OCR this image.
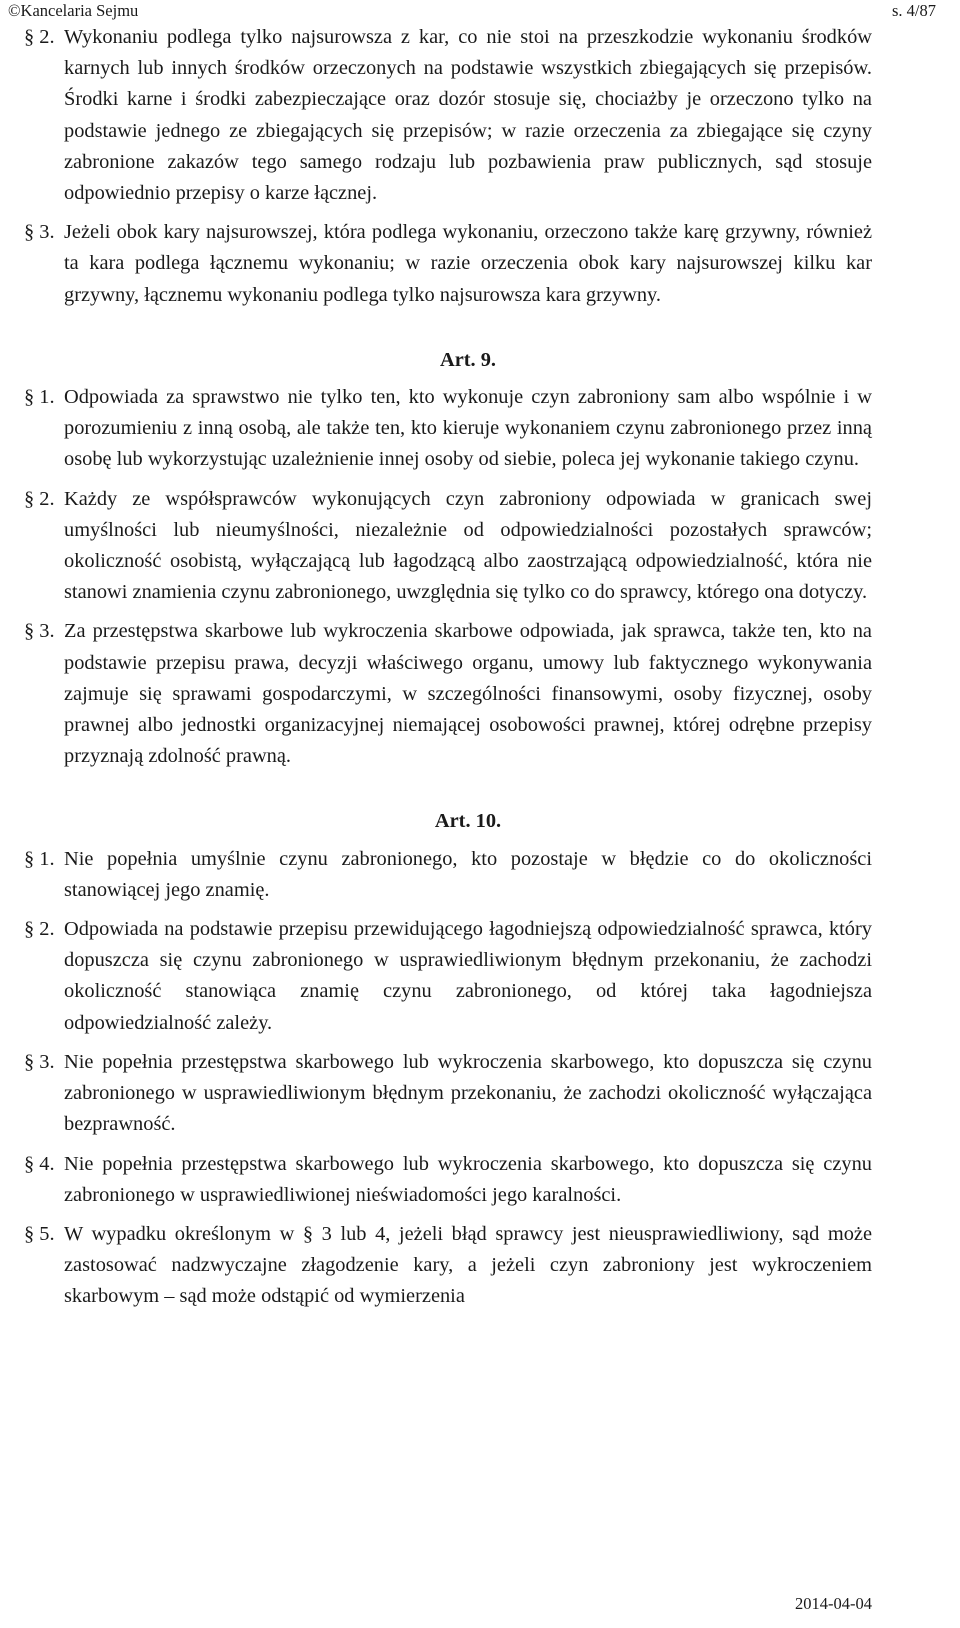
©Kancelaria Sejmu	s. 4/87
§ 2. Wykonaniu podlega tylko najsurowsza z kar, co nie stoi na przeszkodzie wykonaniu środków karnych lub innych środków orzeczonych na podstawie wszystkich zbiegających się przepisów. Środki karne i środki zabezpieczające oraz dozór stosuje się, chociażby je orzeczono tylko na podstawie jednego ze zbiegających się przepisów; w razie orzeczenia za zbiegające się czyny zabronione zakazów tego samego rodzaju lub pozbawienia praw publicznych, sąd stosuje odpowiednio przepisy o karze łącznej.
§ 3. Jeżeli obok kary najsurowszej, która podlega wykonaniu, orzeczono także karę grzywny, również ta kara podlega łącznemu wykonaniu; w razie orzeczenia obok kary najsurowszej kilku kar grzywny, łącznemu wykonaniu podlega tylko najsurowsza kara grzywny.
Art. 9.
§ 1. Odpowiada za sprawstwo nie tylko ten, kto wykonuje czyn zabroniony sam albo wspólnie i w porozumieniu z inną osobą, ale także ten, kto kieruje wykonaniem czynu zabronionego przez inną osobę lub wykorzystując uzależnienie innej osoby od siebie, poleca jej wykonanie takiego czynu.
§ 2. Każdy ze współsprawców wykonujących czyn zabroniony odpowiada w granicach swej umyślności lub nieumyślności, niezależnie od odpowiedzialności pozostałych sprawców; okoliczność osobistą, wyłączającą lub łagodzącą albo zaostrzającą odpowiedzialność, która nie stanowi znamienia czynu zabronionego, uwzględnia się tylko co do sprawcy, którego ona dotyczy.
§ 3. Za przestępstwa skarbowe lub wykroczenia skarbowe odpowiada, jak sprawca, także ten, kto na podstawie przepisu prawa, decyzji właściwego organu, umowy lub faktycznego wykonywania zajmuje się sprawami gospodarczymi, w szczególności finansowymi, osoby fizycznej, osoby prawnej albo jednostki organizacyjnej niemającej osobowości prawnej, której odrębne przepisy przyznają zdolność prawną.
Art. 10.
§ 1. Nie popełnia umyślnie czynu zabronionego, kto pozostaje w błędzie co do okoliczności stanowiącej jego znamię.
§ 2. Odpowiada na podstawie przepisu przewidującego łagodniejszą odpowiedzialność sprawca, który dopuszcza się czynu zabronionego w usprawiedliwionym błędnym przekonaniu, że zachodzi okoliczność stanowiąca znamię czynu zabronionego, od której taka łagodniejsza odpowiedzialność zależy.
§ 3. Nie popełnia przestępstwa skarbowego lub wykroczenia skarbowego, kto dopuszcza się czynu zabronionego w usprawiedliwionym błędnym przekonaniu, że zachodzi okoliczność wyłączająca bezprawność.
§ 4. Nie popełnia przestępstwa skarbowego lub wykroczenia skarbowego, kto dopuszcza się czynu zabronionego w usprawiedliwionej nieświadomości jego karalności.
§ 5. W wypadku określonym w § 3 lub 4, jeżeli błąd sprawcy jest nieusprawiedliwiony, sąd może zastosować nadzwyczajne złagodzenie kary, a jeżeli czyn zabroniony jest wykroczeniem skarbowym – sąd może odstąpić od wymierzenia
2014-04-04
